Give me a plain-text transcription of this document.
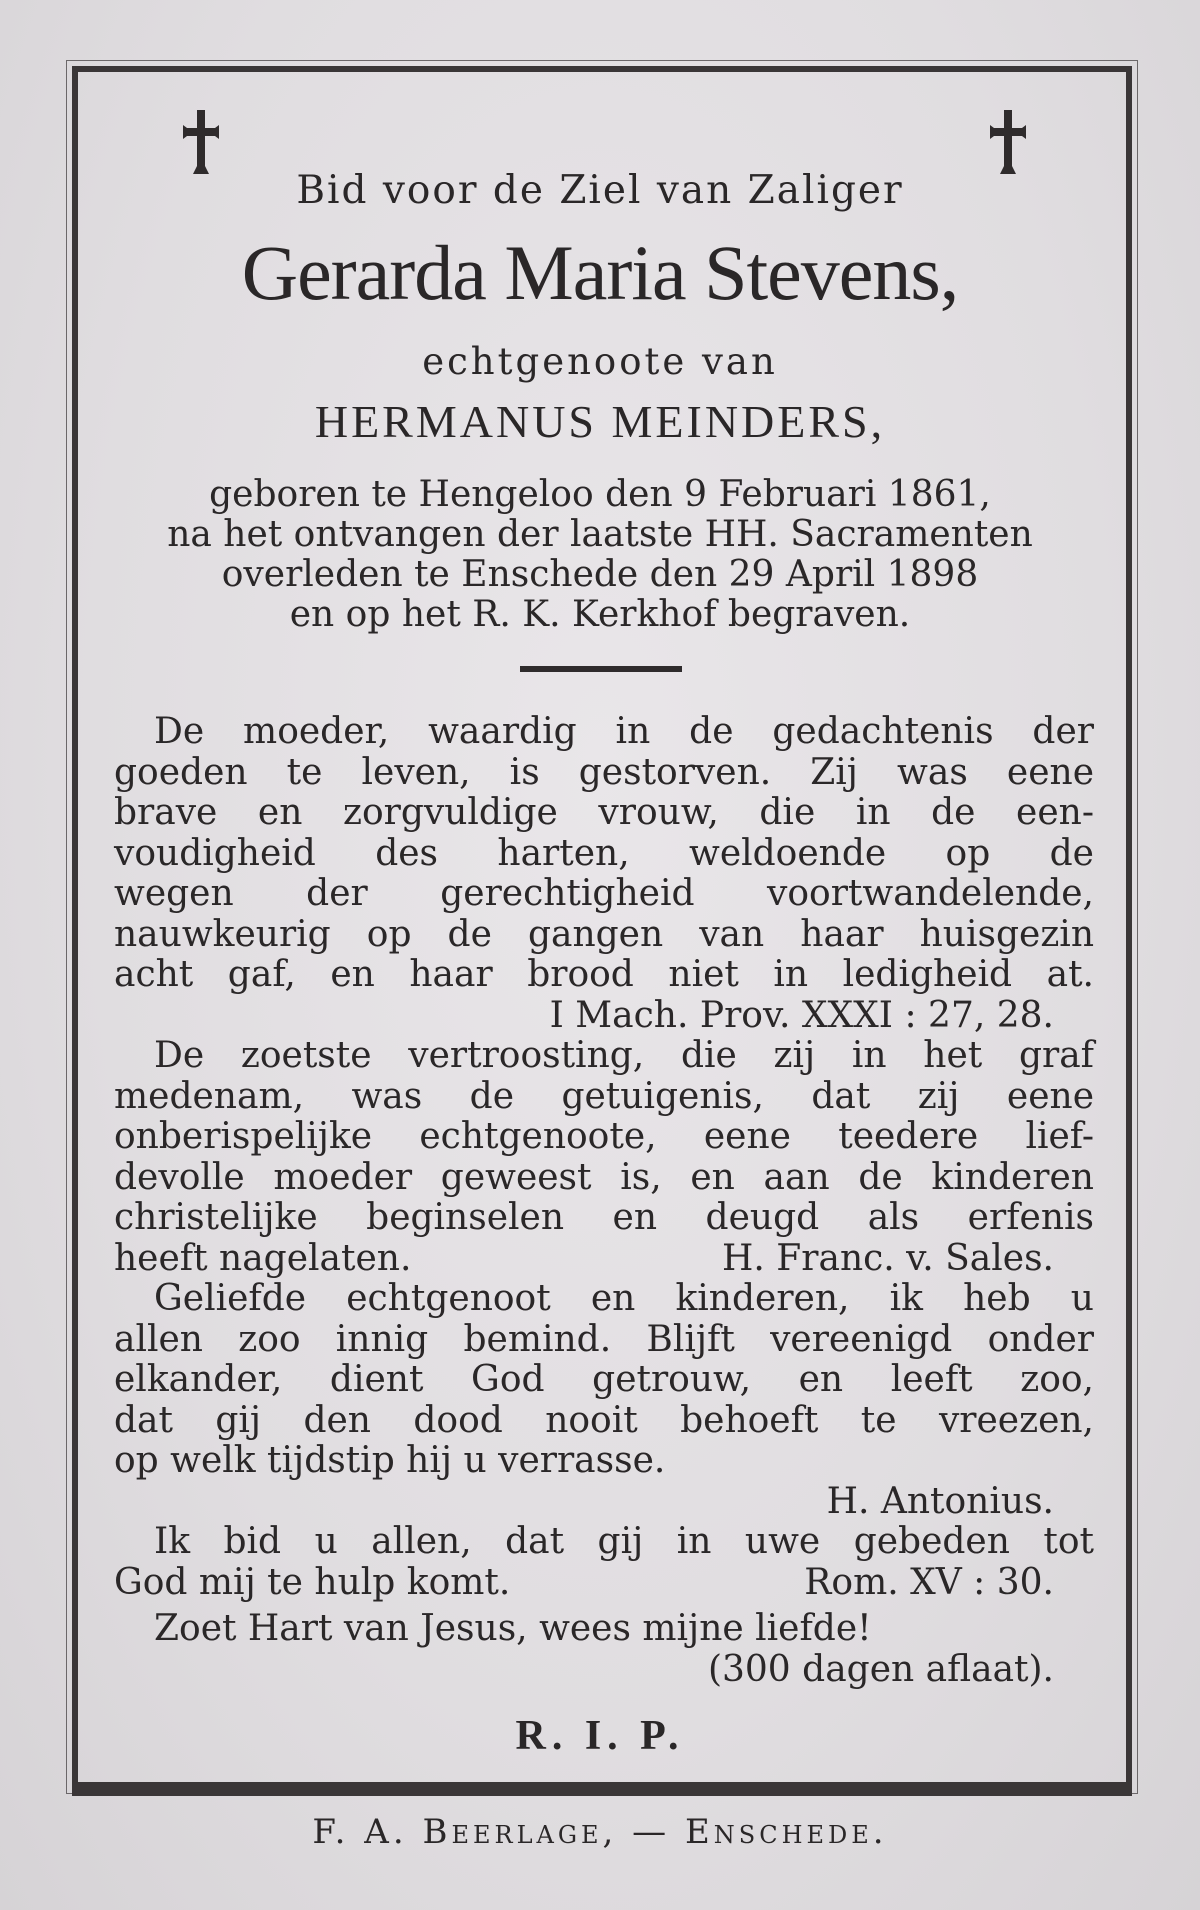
Bid voor de Ziel van Zaliger
Gerarda Maria Stevens,
echtgenoote van
HERMANUS MEINDERS,
geboren te Hengeloo den 9 Februari 1861,
na het ontvangen der laatste HH. Sacramenten
overleden te Enschede den 29 April 1898
en op het R. K. Kerkhof begraven.
De moeder, waardig in de gedachtenis der
goeden te leven, is gestorven. Zij was eene
brave en zorgvuldige vrouw, die in de een-
voudigheid des harten, weldoende op de
wegen der gerechtigheid voortwandelende,
nauwkeurig op de gangen van haar huisgezin
acht gaf, en haar brood niet in ledigheid at.
I Mach. Prov. XXXI : 27, 28.
De zoetste vertroosting, die zij in het graf
medenam, was de getuigenis, dat zij eene
onberispelijke echtgenoote, eene teedere lief-
devolle moeder geweest is, en aan de kinderen
christelijke beginselen en deugd als erfenis
heeft nagelaten.	H. Franc. v. Sales.
Geliefde echtgenoot en kinderen, ik heb u
allen zoo innig bemind. Blijft vereenigd onder
elkander, dient God getrouw, en leeft zoo,
dat gij den dood nooit behoeft te vreezen,
op welk tijdstip hij u verrasse.
H. Antonius.
Ik bid u allen, dat gij in uwe gebeden tot
God mij te hulp komt.	Rom. XV : 30.
Zoet Hart van Jesus, wees mijne liefde!
(300 dagen aflaat).
R. I. P.
F. A. Beerlage, — Enschede.
